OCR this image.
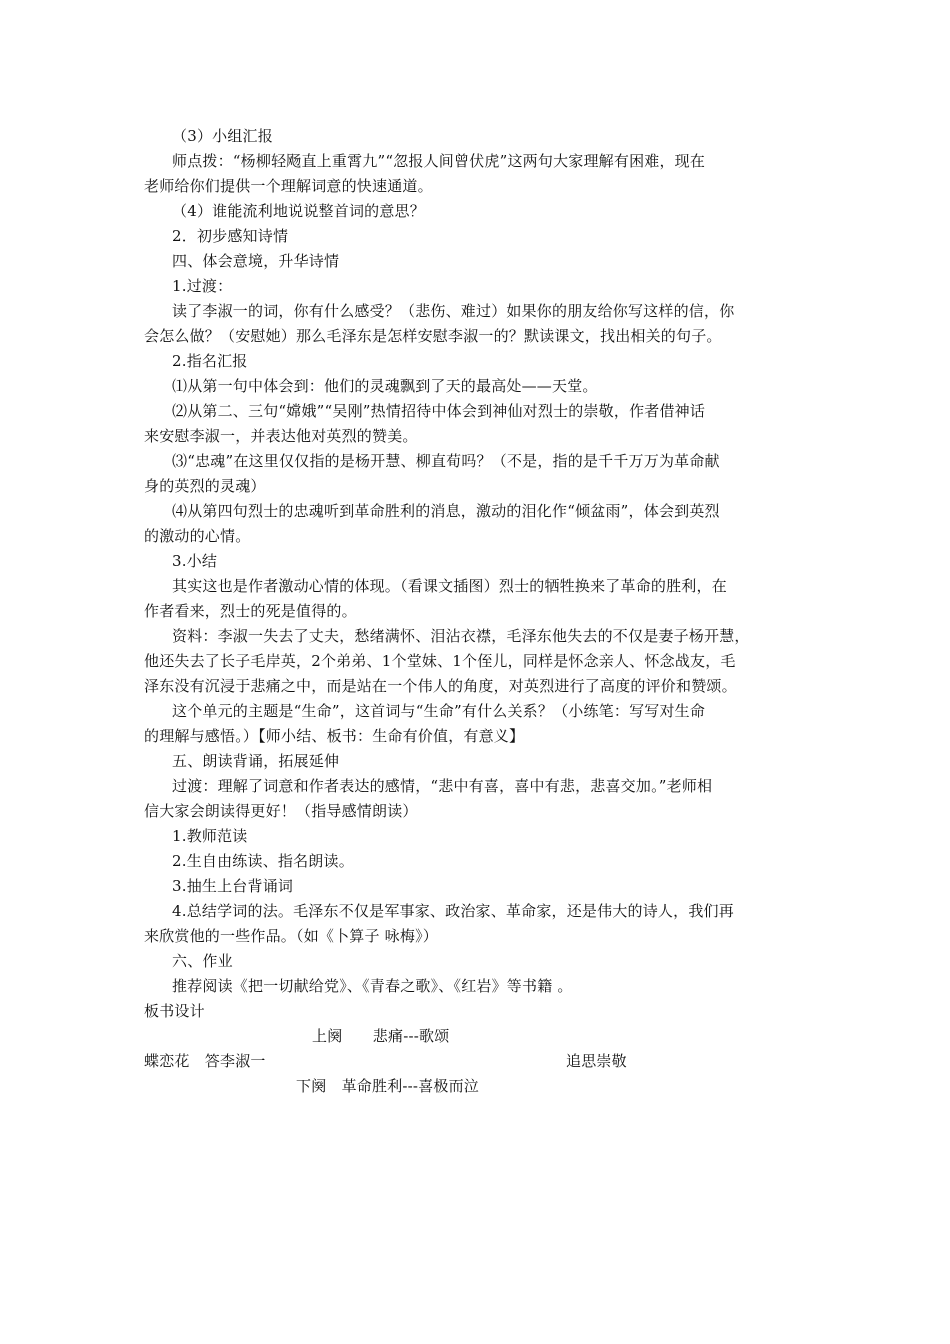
（3）小组汇报
师点拨：“杨柳轻飏直上重霄九”“忽报人间曾伏虎”这两句大家理解有困难，现在
老师给你们提供一个理解词意的快速通道。
（4）谁能流利地说说整首词的意思？
2．初步感知诗情
四、体会意境，升华诗情
1.过渡：
读了李淑一的词，你有什么感受？（悲伤、难过）如果你的朋友给你写这样的信，你
会怎么做？（安慰她）那么毛泽东是怎样安慰李淑一的？默读课文，找出相关的句子。
2.指名汇报
⑴从第一句中体会到：他们的灵魂飘到了天的最高处——天堂。
⑵从第二、三句“嫦娥”“吴刚”热情招待中体会到神仙对烈士的崇敬，作者借神话
来安慰李淑一，并表达他对英烈的赞美。
⑶“忠魂”在这里仅仅指的是杨开慧、柳直荀吗？（不是，指的是千千万万为革命献
身的英烈的灵魂）
⑷从第四句烈士的忠魂听到革命胜利的消息，激动的泪化作“倾盆雨”，体会到英烈
的激动的心情。
3.小结
其实这也是作者激动心情的体现。（看课文插图）烈士的牺牲换来了革命的胜利，在
作者看来，烈士的死是值得的。
资料：李淑一失去了丈夫，愁绪满怀、泪沾衣襟，毛泽东他失去的不仅是妻子杨开慧，
他还失去了长子毛岸英，2个弟弟、1个堂妹、1个侄儿，同样是怀念亲人、怀念战友，毛
泽东没有沉浸于悲痛之中，而是站在一个伟人的角度，对英烈进行了高度的评价和赞颂。
这个单元的主题是“生命”，这首词与“生命”有什么关系？（小练笔：写写对生命
的理解与感悟。）【师小结、板书：生命有价值，有意义】
五、朗读背诵，拓展延伸
过渡：理解了词意和作者表达的感情，“悲中有喜，喜中有悲，悲喜交加。”老师相
信大家会朗读得更好！（指导感情朗读）
1.教师范读
2.生自由练读、指名朗读。
3.抽生上台背诵词
4.总结学词的法。毛泽东不仅是军事家、政治家、革命家，还是伟大的诗人，我们再
来欣赏他的一些作品。（如《卜算子 咏梅》）
六、作业
推荐阅读《把一切献给党》、《青春之歌》、《红岩》等书籍 。
板书设计
上阕　　悲痛---歌颂
蝶恋花　答李淑一	追思崇敬
下阕　革命胜利---喜极而泣
